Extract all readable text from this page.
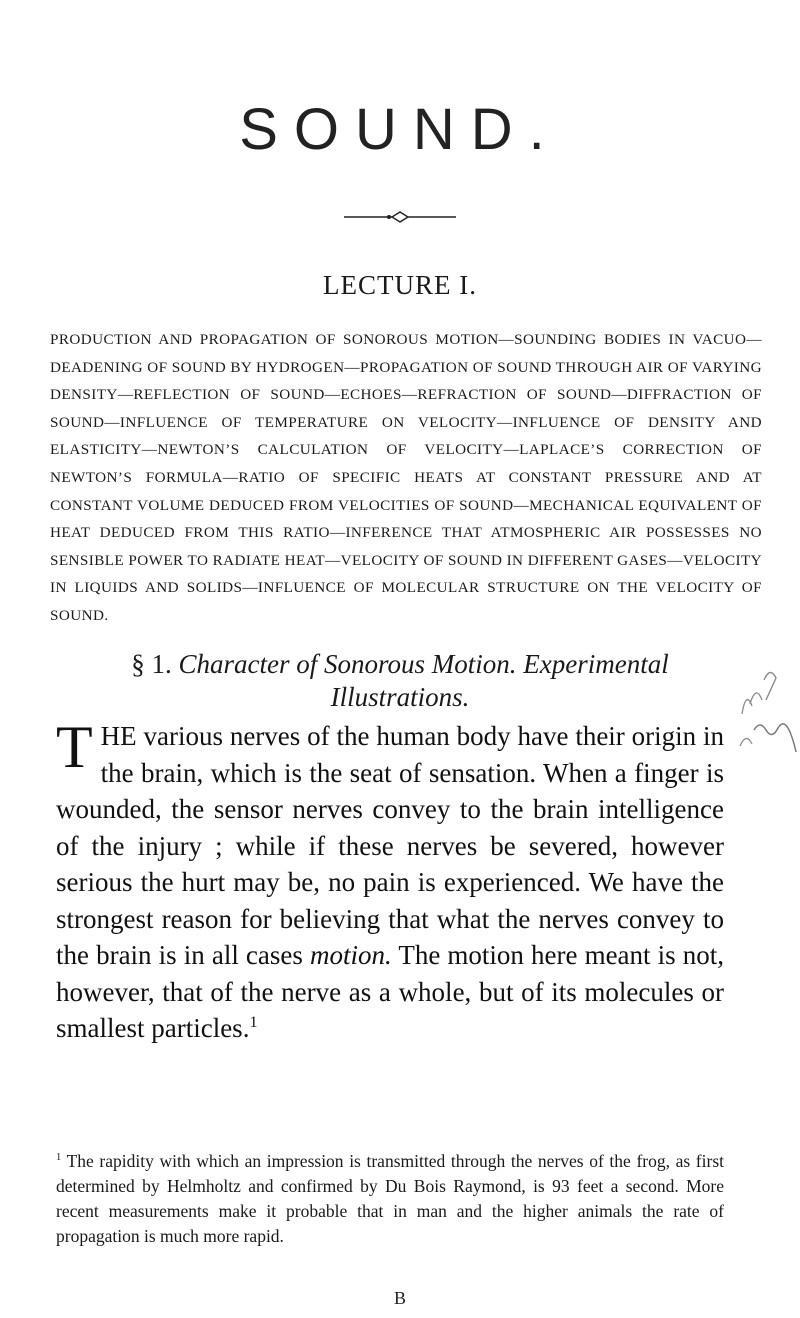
SOUND.
LECTURE I.
PRODUCTION AND PROPAGATION OF SONOROUS MOTION—SOUNDING BODIES IN VACUO—DEADENING OF SOUND BY HYDROGEN—PROPAGATION OF SOUND THROUGH AIR OF VARYING DENSITY—REFLECTION OF SOUND—ECHOES—REFRACTION OF SOUND—DIFFRACTION OF SOUND—INFLUENCE OF TEMPERATURE ON VELOCITY—INFLUENCE OF DENSITY AND ELASTICITY—NEWTON’S CALCULATION OF VELOCITY—LAPLACE’S CORRECTION OF NEWTON’S FORMULA—RATIO OF SPECIFIC HEATS AT CONSTANT PRESSURE AND AT CONSTANT VOLUME DEDUCED FROM VELOCITIES OF SOUND—MECHANICAL EQUIVALENT OF HEAT DEDUCED FROM THIS RATIO—INFERENCE THAT ATMOSPHERIC AIR POSSESSES NO SENSIBLE POWER TO RADIATE HEAT—VELOCITY OF SOUND IN DIFFERENT GASES—VELOCITY IN LIQUIDS AND SOLIDS—INFLUENCE OF MOLECULAR STRUCTURE ON THE VELOCITY OF SOUND.
§ 1. Character of Sonorous Motion. Experimental Illustrations.
THE various nerves of the human body have their origin in the brain, which is the seat of sensation. When a finger is wounded, the sensor nerves convey to the brain intelligence of the injury ; while if these nerves be severed, however serious the hurt may be, no pain is experienced. We have the strongest reason for believing that what the nerves convey to the brain is in all cases motion. The motion here meant is not, however, that of the nerve as a whole, but of its molecules or smallest particles.$^1$
$^1$ The rapidity with which an impression is transmitted through the nerves of the frog, as first determined by Helmholtz and confirmed by Du Bois Raymond, is 93 feet a second. More recent measurements make it probable that in man and the higher animals the rate of propagation is much more rapid.
B
